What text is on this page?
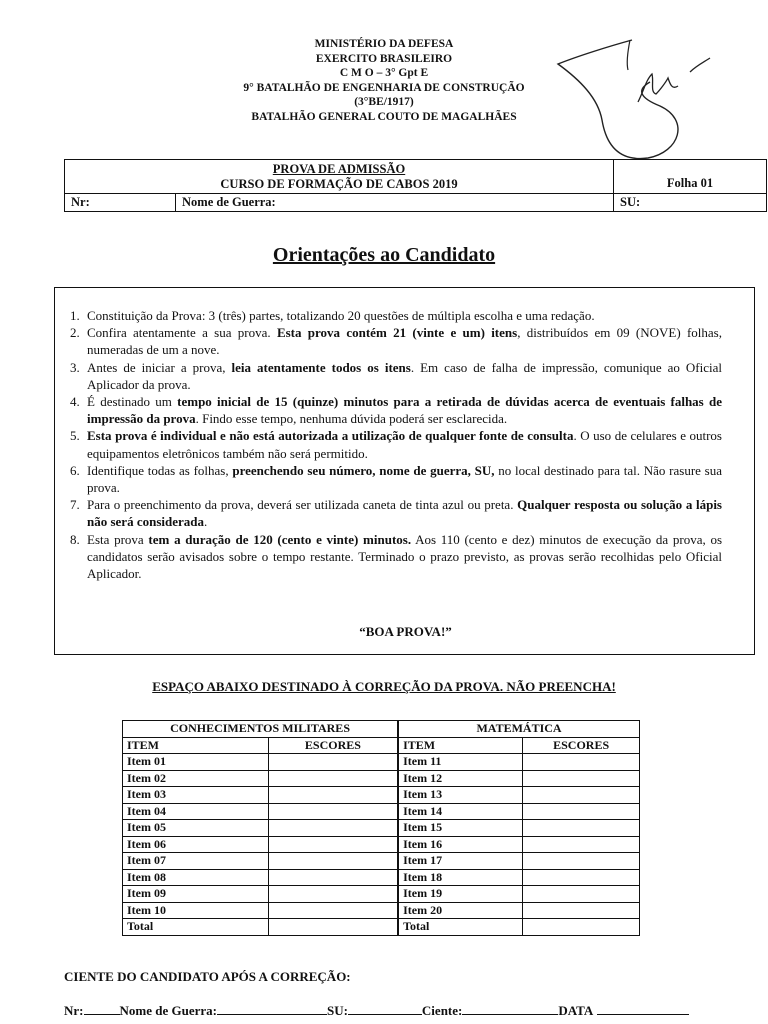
MINISTÉRIO DA DEFESA
EXERCITO BRASILEIRO
C M O – 3° Gpt E
9° BATALHÃO DE ENGENHARIA DE CONSTRUÇÃO
(3°BE/1917)
BATALHÃO GENERAL COUTO DE MAGALHÃES
PROVA DE ADMISSÃO
CURSO DE FORMAÇÃO DE CABOS 2019		Folha 01
Nr:	Nome de Guerra:	SU:
Orientações ao Candidato
1. Constituição da Prova: 3 (três) partes, totalizando 20 questões de múltipla escolha e uma redação.
2. Confira atentamente a sua prova. Esta prova contém 21 (vinte e um) itens, distribuídos em 09 (NOVE) folhas, numeradas de um a nove.
3. Antes de iniciar a prova, leia atentamente todos os itens. Em caso de falha de impressão, comunique ao Oficial Aplicador da prova.
4. É destinado um tempo inicial de 15 (quinze) minutos para a retirada de dúvidas acerca de eventuais falhas de impressão da prova. Findo esse tempo, nenhuma dúvida poderá ser esclarecida.
5. Esta prova é individual e não está autorizada a utilização de qualquer fonte de consulta. O uso de celulares e outros equipamentos eletrônicos também não será permitido.
6. Identifique todas as folhas, preenchendo seu número, nome de guerra, SU, no local destinado para tal. Não rasure sua prova.
7. Para o preenchimento da prova, deverá ser utilizada caneta de tinta azul ou preta. Qualquer resposta ou solução a lápis não será considerada.
8. Esta prova tem a duração de 120 (cento e vinte) minutos. Aos 110 (cento e dez) minutos de execução da prova, os candidatos serão avisados sobre o tempo restante. Terminado o prazo previsto, as provas serão recolhidas pelo Oficial Aplicador.
“BOA PROVA!”
ESPAÇO ABAIXO DESTINADO À CORREÇÃO DA PROVA. NÃO PREENCHA!
CONHECIMENTOS MILITARES		MATEMÁTICA	
ITEM	ESCORES	ITEM	ESCORES
Item 01		Item 11	
Item 02		Item 12	
Item 03		Item 13	
Item 04		Item 14	
Item 05		Item 15	
Item 06		Item 16	
Item 07		Item 17	
Item 08		Item 18	
Item 09		Item 19	
Item 10		Item 20	
Total		Total	
CIENTE DO CANDIDATO APÓS A CORREÇÃO:
Nr:	Nome de Guerra:	SU:	Ciente:	DATA
